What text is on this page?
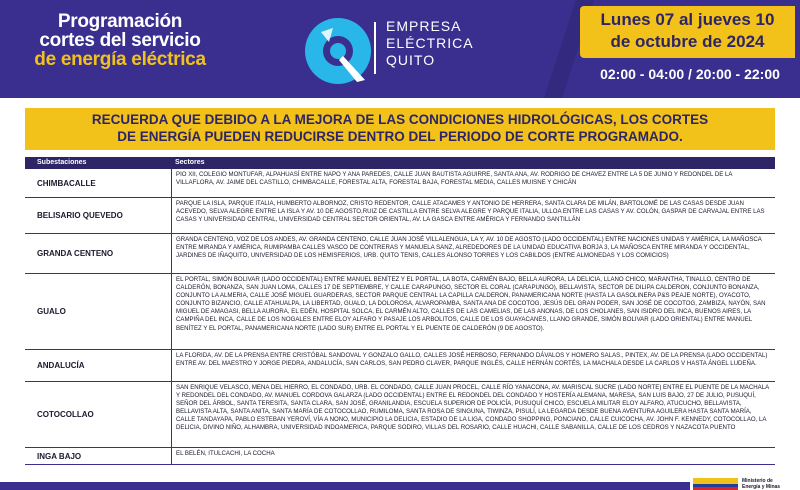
Programación
cortes del servicio
de energía eléctrica
EMPRESA
ELÉCTRICA
QUITO
Lunes 07 al jueves 10
de octubre de 2024
02:00 - 04:00 / 20:00 - 22:00
RECUERDA QUE DEBIDO A LA MEJORA DE LAS CONDICIONES HIDROLÓGICAS, LOS CORTES
DE ENERGÍA PUEDEN REDUCIRSE DENTRO DEL PERIODO DE CORTE PROGRAMADO.
Subestaciones	Sectores
CHIMBACALLE
PIO XII, COLEGIO MONTUFAR, ALPAHUASÍ ENTRE NAPO Y ANA PAREDES, CALLE JUAN BAUTISTA AGUIRRE, SANTA ANA, AV. RODRIGO DE CHAVEZ ENTRE LA 5 DE JUNIO Y REDONDEL DE LA VILLAFLORA, AV. JAIME DEL CASTILLO, CHIMBACALLE, FORESTAL ALTA, FORESTAL BAJA, FORESTAL MEDIA, CALLES MUISNE Y CHICÁN
BELISARIO QUEVEDO
PARQUE LA ISLA, PARQUE ITALIA, HUMBERTO ALBORNOZ, CRISTO REDENTOR, CALLE ATACAMES Y ANTONIO DE HERRERA, SANTA CLARA DE MILÁN, BARTOLOMÉ DE LAS CASAS DESDE JUAN ACEVEDO, SELVA ALEGRE ENTRE LA ISLA Y AV. 10 DE AGOSTO,RUIZ DE CASTILLA ENTRE SELVA ALEGRE Y PARQUE ITALIA, ULLOA ENTRE LAS CASAS Y AV. COLÓN, GASPAR DE CARVAJAL ENTRE LAS CASAS Y UNIVERSIDAD CENTRAL, UNIVERSIDAD CENTRAL SECTOR ORIENTAL, AV. LA GASCA ENTRE AMÉRICA Y FERNANDO SANTILLÁN
GRANDA CENTENO
GRANDA CENTENO, VOZ DE LOS ANDES, AV. GRANDA CENTENO, CALLE JUAN JOSÉ VILLALENGUA, LA Y, AV. 10 DE AGOSTO (LADO OCCIDENTAL) ENTRE NACIONES UNIDAS Y AMÉRICA, LA MAÑOSCA ENTRE MIRANDA Y AMÉRICA, RUMIPAMBA CALLES VASCO DE CONTRERAS Y MANUELA SANZ, ALREDEDORES DE LA UNIDAD EDUCATIVA BORJA 3, LA MAÑOSCA ENTRE MIRANDA Y OCCIDENTAL, JARDINES DE IÑAQUITO, UNIVERSIDAD DE LOS HEMISFERIOS, URB. QUITO TENIS, CALLES ALONSO TORRES Y LOS CABILDOS (ENTRE ALMONEDAS Y LOS COMICIOS)
GUALO
EL PORTAL, SIMÓN BOLIVAR (LADO OCCIDENTAL) ENTRE MANUEL BENÍTEZ Y EL PORTAL, LA BOTA, CARMÉN BAJO, BELLA AURORA, LA DELICIA, LLANO CHICO, MARANTHA, TINALLO, CENTRO DE CALDERÓN, BONANZA, SAN JUAN LOMA, CALLES 17 DE SEPTIEMBRE, Y CALLE CARAPUNGO, SECTOR EL CORAL (CARAPUNGO), BELLAVISTA, SECTOR DE DILIPA CALDERON, CONJUNTO BONANZA, CONJUNTO LA ALMERIA, CALLE JOSÉ MIGUEL GUARDERAS, SECTOR PARQUE CENTRAL LA CAPILLA CALDERON, PANAMERICANA NORTE (HASTA LA GASOLINERA P&S PEAJE NORTE), OYACOTO, CONJUNTO BIZANCIO, CALLE ATAHUALPA, LA LIBERTAD, GUALO, LA DOLOROSA, ALVAROPAMBA, SANTA ANA DE COCOTOG, JESÚS DEL GRAN PODER, SAN JOSÉ DE COCOTOG, ZAMBIZA, NAYÓN, SAN MIGUEL DE AMAGASI, BELLA AURORA, EL EDÉN, HOSPITAL SOLCA, EL CARMÉN ALTO, CALLES DE LAS CAMELIAS, DE LAS ANONAS, DE LOS CHOLANES, SAN ISIDRO DEL INCA, BUENOS AIRES, LA CAMPIÑA DEL INCA, CALLE DE LOS NOGALES ENTRE ELOY ALFARO Y PASAJE LOS ARBOLITOS, CALLE DE LOS GUAYACANES, LLANO GRANDE, SIMÓN BOLIVAR (LADO ORIENTAL) ENTRE MANUEL BENÍTEZ Y EL PORTAL, PANAMERICANA NORTE (LADO SUR) ENTRE EL PORTAL Y EL PUENTE DE CALDERÓN (9 DE AGOSTO).
ANDALUCÍA
LA FLORIDA, AV. DE LA PRENSA ENTRE CRISTÓBAL SANDOVAL Y GONZALO GALLO, CALLES JOSÉ HERBOSO, FERNANDO DÁVALOS Y HOMERO SALAS., PINTEX, AV. DE LA PRENSA (LADO OCCIDENTAL) ENTRE AV. DEL MAESTRO Y JORGE PIEDRA, ANDALUCÍA, SAN CARLOS, SAN PEDRO CLAVER, PARQUE INGLÉS, CALLE HERNÁN CORTÉS, LA MACHALA DESDE LA CARLOS V HASTA ÁNGEL LUDEÑA.
COTOCOLLAO
SAN ENRIQUE VELASCO, MENA DEL HIERRO, EL CONDADO, URB. EL CONDADO, CALLE JUAN PROCEL, CALLE RÍO YANACONA, AV. MARISCAL SUCRE (LADO NORTE) ENTRE EL PUENTE DE LA MACHALA Y REDONDEL DEL CONDADO, AV. MANUEL CORDOVA GALARZA (LADO OCCIDENTAL) ENTRE EL REDONDEL DEL CONDADO Y HOSTERÍA ALEMANA, MARESA, SAN LUIS BAJO, 27 DE JULIO, PUSUQUÍ, SEÑOR DEL ÁRBOL, SANTA TERESITA, SANTA CLARA, SAN JOSÉ, GRANILANDIA, ESCUELA SUPERIOR DE POLICÍA, PUSUQUÍ CHICO, ESCUELA MILITAR ELOY ALFARO, ATUCUCHO, BELLAVISTA, BELLAVISTA ALTA, SANTA ANITA, SANTA MARÍA DE COTOCOLLAO, RUMILOMA, SANTA ROSA DE SINGUNA, TIWINZA, PISULÍ, LA LEGARDA DESDE BUENA AVENTURA AGUILERA HASTA SANTA MARÍA, CALLE TANDAYAPA, PABLO ESTEBAN YEROVÍ, VÍA A NONO, MUNICIPIO LA DELICIA, ESTADIO DE LA LIGA, CONDADO SHOPPING, PONCIANO, CALLE CUICOCHA, AV. JOHN F. KENNEDY, COTOCOLLAO, LA DELICIA, DIVINO NIÑO, ALHAMBRA, UNIVERSIDAD INDOAMERICA, PARQUE SODIRO, VILLAS DEL ROSARIO, CALLE HUACHI, CALLE SABANILLA, CALLE DE LOS CEDROS Y NAZACOTA PUENTO
INGA BAJO	EL BELÉN, ITULCACHI, LA COCHA
Ministerio de
Energía y Minas
